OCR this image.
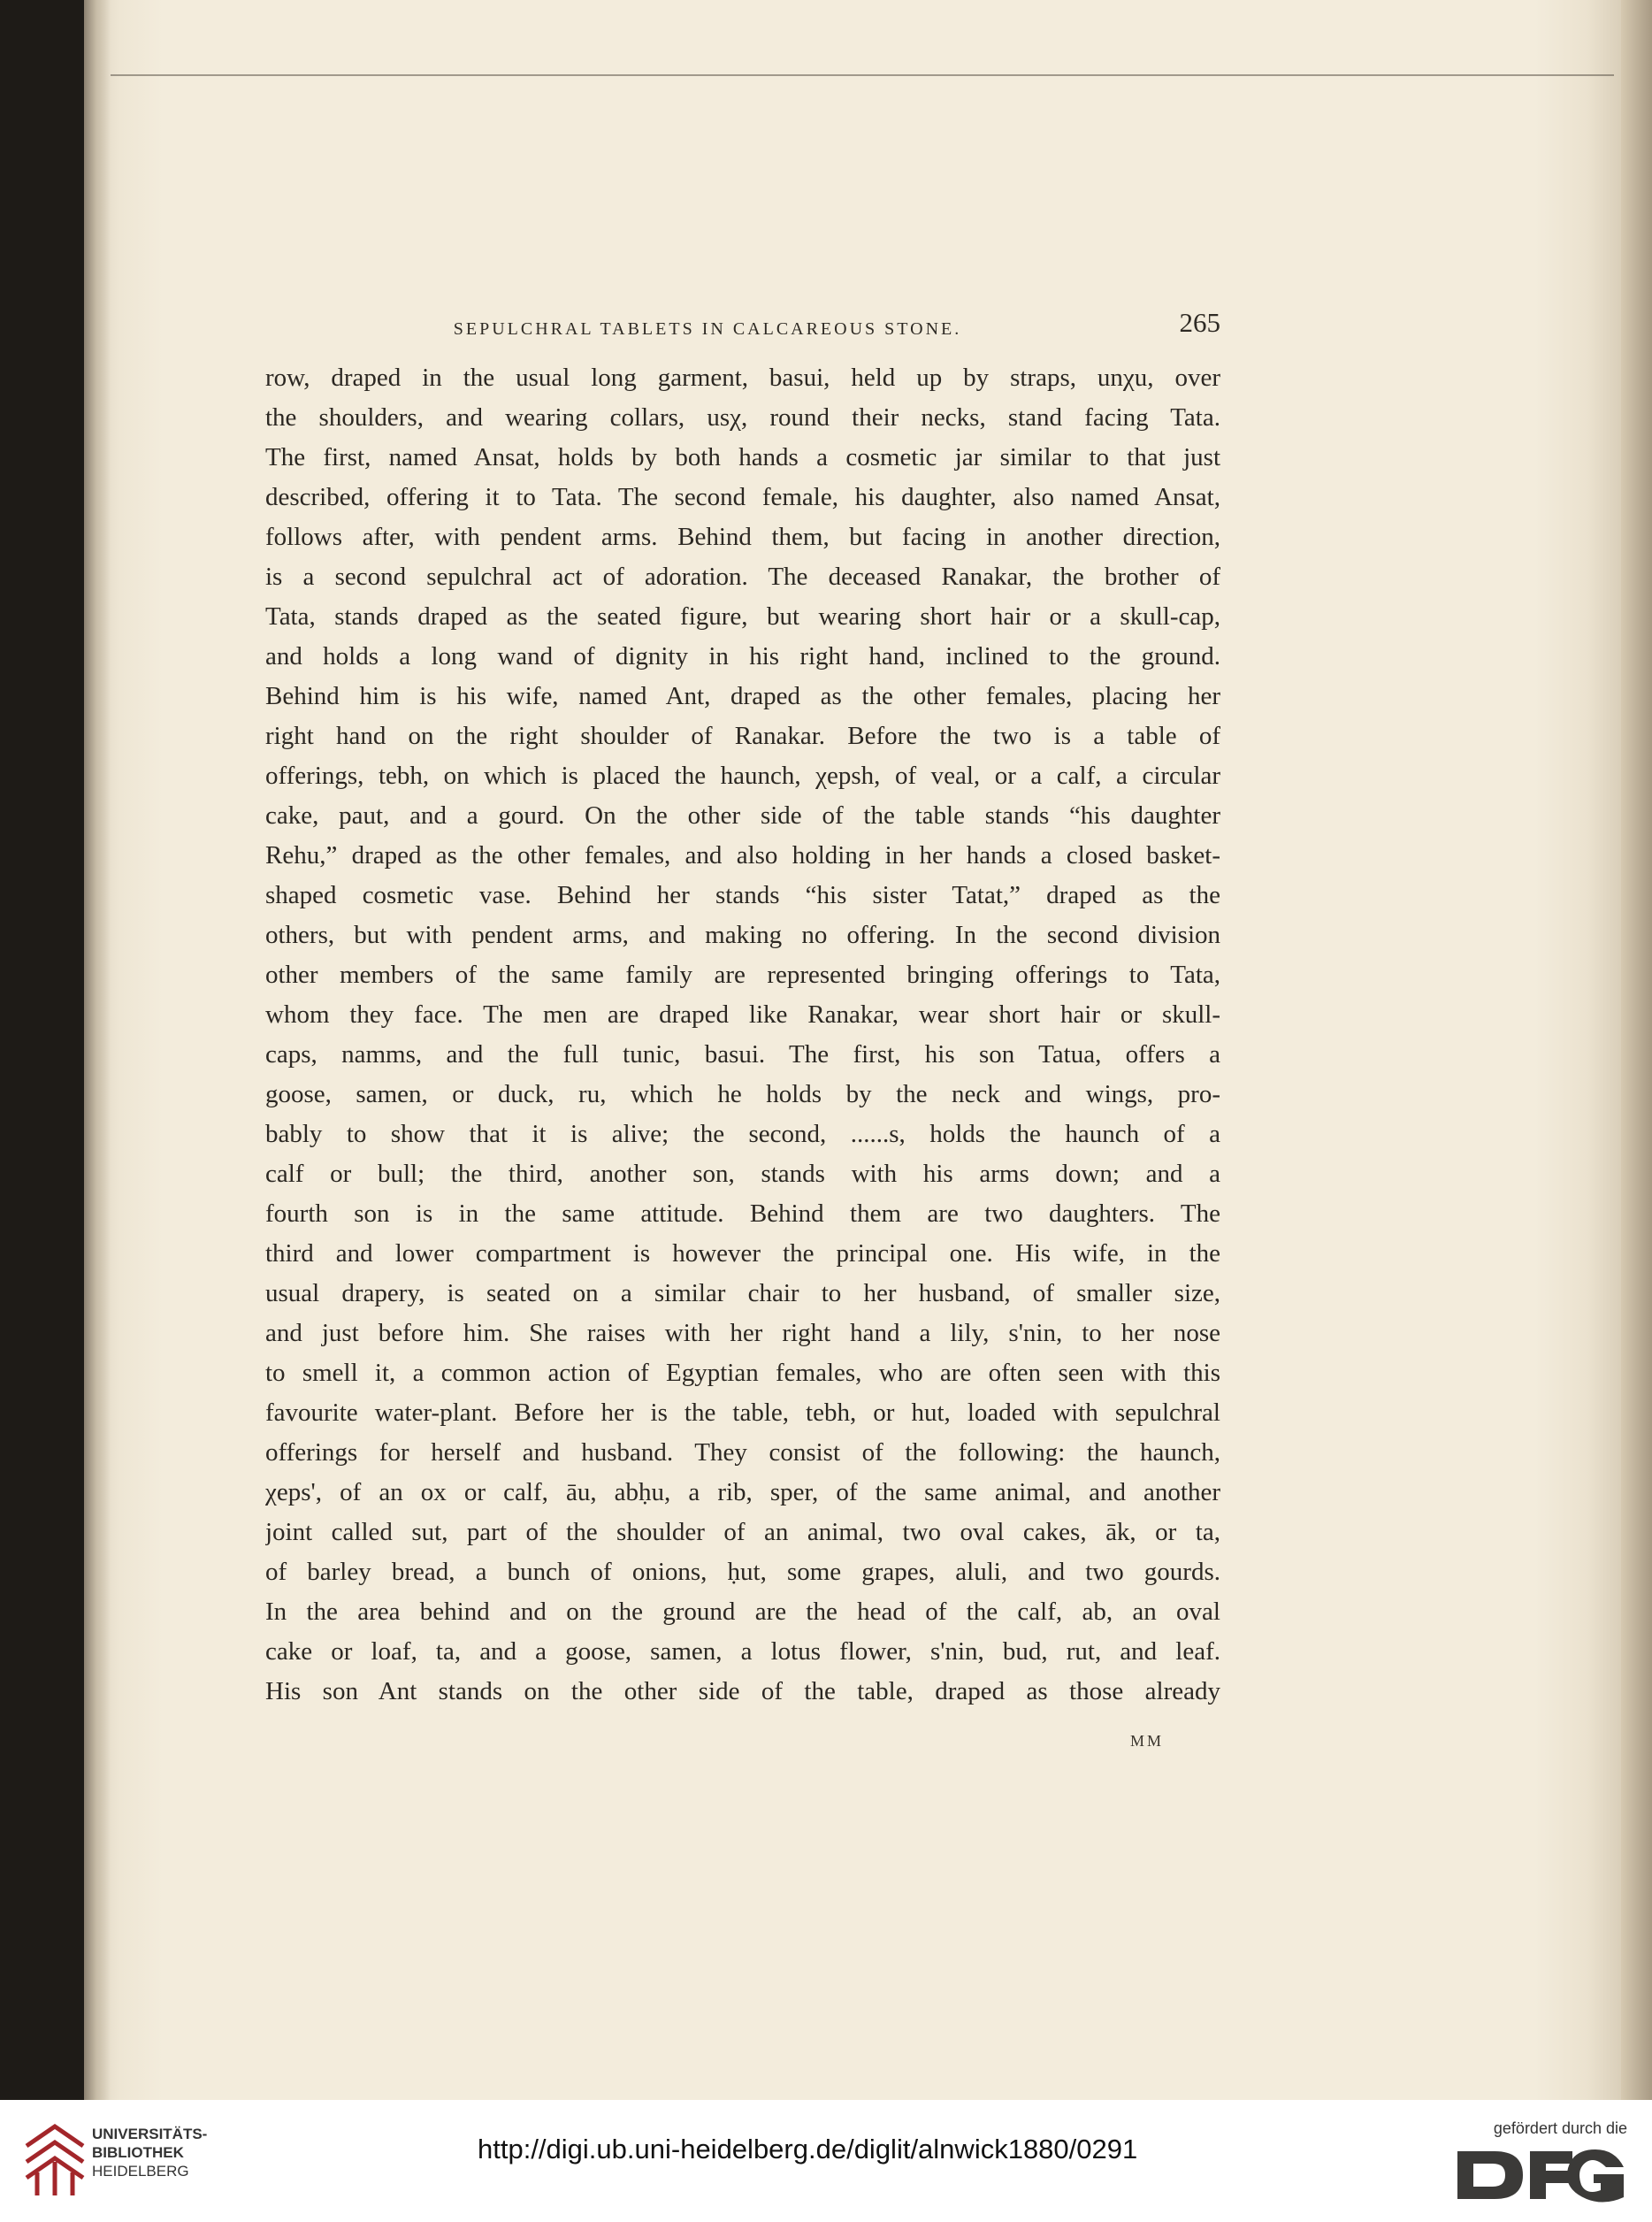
SEPULCHRAL TABLETS IN CALCAREOUS STONE.	265
row, draped in the usual long garment, basui, held up by straps, unχu, over
the shoulders, and wearing collars, usχ, round their necks, stand facing Tata.
The first, named Ansat, holds by both hands a cosmetic jar similar to that just
described, offering it to Tata. The second female, his daughter, also named Ansat,
follows after, with pendent arms. Behind them, but facing in another direction,
is a second sepulchral act of adoration. The deceased Ranakar, the brother of
Tata, stands draped as the seated figure, but wearing short hair or a skull-cap,
and holds a long wand of dignity in his right hand, inclined to the ground.
Behind him is his wife, named Ant, draped as the other females, placing her
right hand on the right shoulder of Ranakar. Before the two is a table of
offerings, tebh, on which is placed the haunch, χepsh, of veal, or a calf, a circular
cake, paut, and a gourd. On the other side of the table stands “his daughter
Rehu,” draped as the other females, and also holding in her hands a closed basket-
shaped cosmetic vase. Behind her stands “his sister Tatat,” draped as the
others, but with pendent arms, and making no offering. In the second division
other members of the same family are represented bringing offerings to Tata,
whom they face. The men are draped like Ranakar, wear short hair or skull-
caps, namms, and the full tunic, basui. The first, his son Tatua, offers a
goose, samen, or duck, ru, which he holds by the neck and wings, pro-
bably to show that it is alive; the second, ......s, holds the haunch of a
calf or bull; the third, another son, stands with his arms down; and a
fourth son is in the same attitude. Behind them are two daughters. The
third and lower compartment is however the principal one. His wife, in the
usual drapery, is seated on a similar chair to her husband, of smaller size,
and just before him. She raises with her right hand a lily, s'nin, to her nose
to smell it, a common action of Egyptian females, who are often seen with this
favourite water-plant. Before her is the table, tebh, or hut, loaded with sepulchral
offerings for herself and husband. They consist of the following: the haunch,
χeps', of an ox or calf, āu, abḥu, a rib, sper, of the same animal, and another
joint called sut, part of the shoulder of an animal, two oval cakes, āk, or ta,
of barley bread, a bunch of onions, ḥut, some grapes, aluli, and two gourds.
In the area behind and on the ground are the head of the calf, ab, an oval
cake or loaf, ta, and a goose, samen, a lotus flower, s'nin, bud, rut, and leaf.
His son Ant stands on the other side of the table, draped as those already
MM
UNIVERSITÄTS-
BIBLIOTHEK
HEIDELBERG
http://digi.ub.uni-heidelberg.de/diglit/alnwick1880/0291
gefördert durch die
